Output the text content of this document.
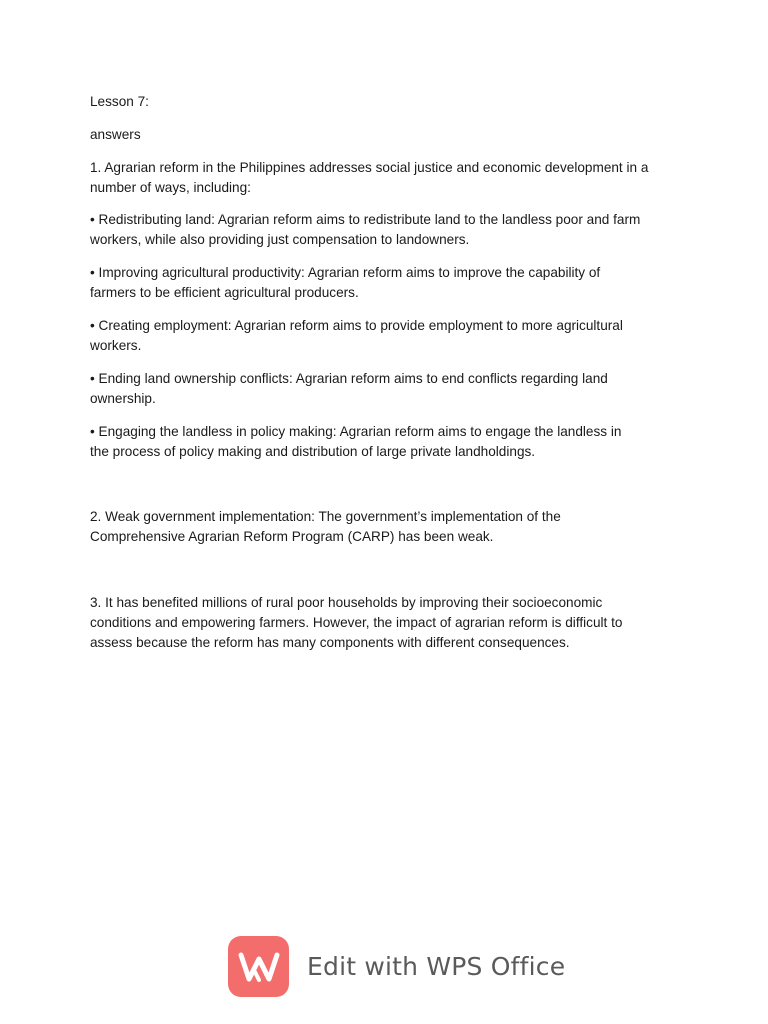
Lesson 7:

answers

1. Agrarian reform in the Philippines addresses social justice and economic development in a
number of ways, including:

• Redistributing land: Agrarian reform aims to redistribute land to the landless poor and farm
workers, while also providing just compensation to landowners.

• Improving agricultural productivity: Agrarian reform aims to improve the capability of
farmers to be efficient agricultural producers.

• Creating employment: Agrarian reform aims to provide employment to more agricultural
workers.

• Ending land ownership conflicts: Agrarian reform aims to end conflicts regarding land
ownership.

• Engaging the landless in policy making: Agrarian reform aims to engage the landless in
the process of policy making and distribution of large private landholdings.

2. Weak government implementation: The government’s implementation of the
Comprehensive Agrarian Reform Program (CARP) has been weak.

3. It has benefited millions of rural poor households by improving their socioeconomic
conditions and empowering farmers. However, the impact of agrarian reform is difficult to
assess because the reform has many components with different consequences.

Edit with WPS Office
